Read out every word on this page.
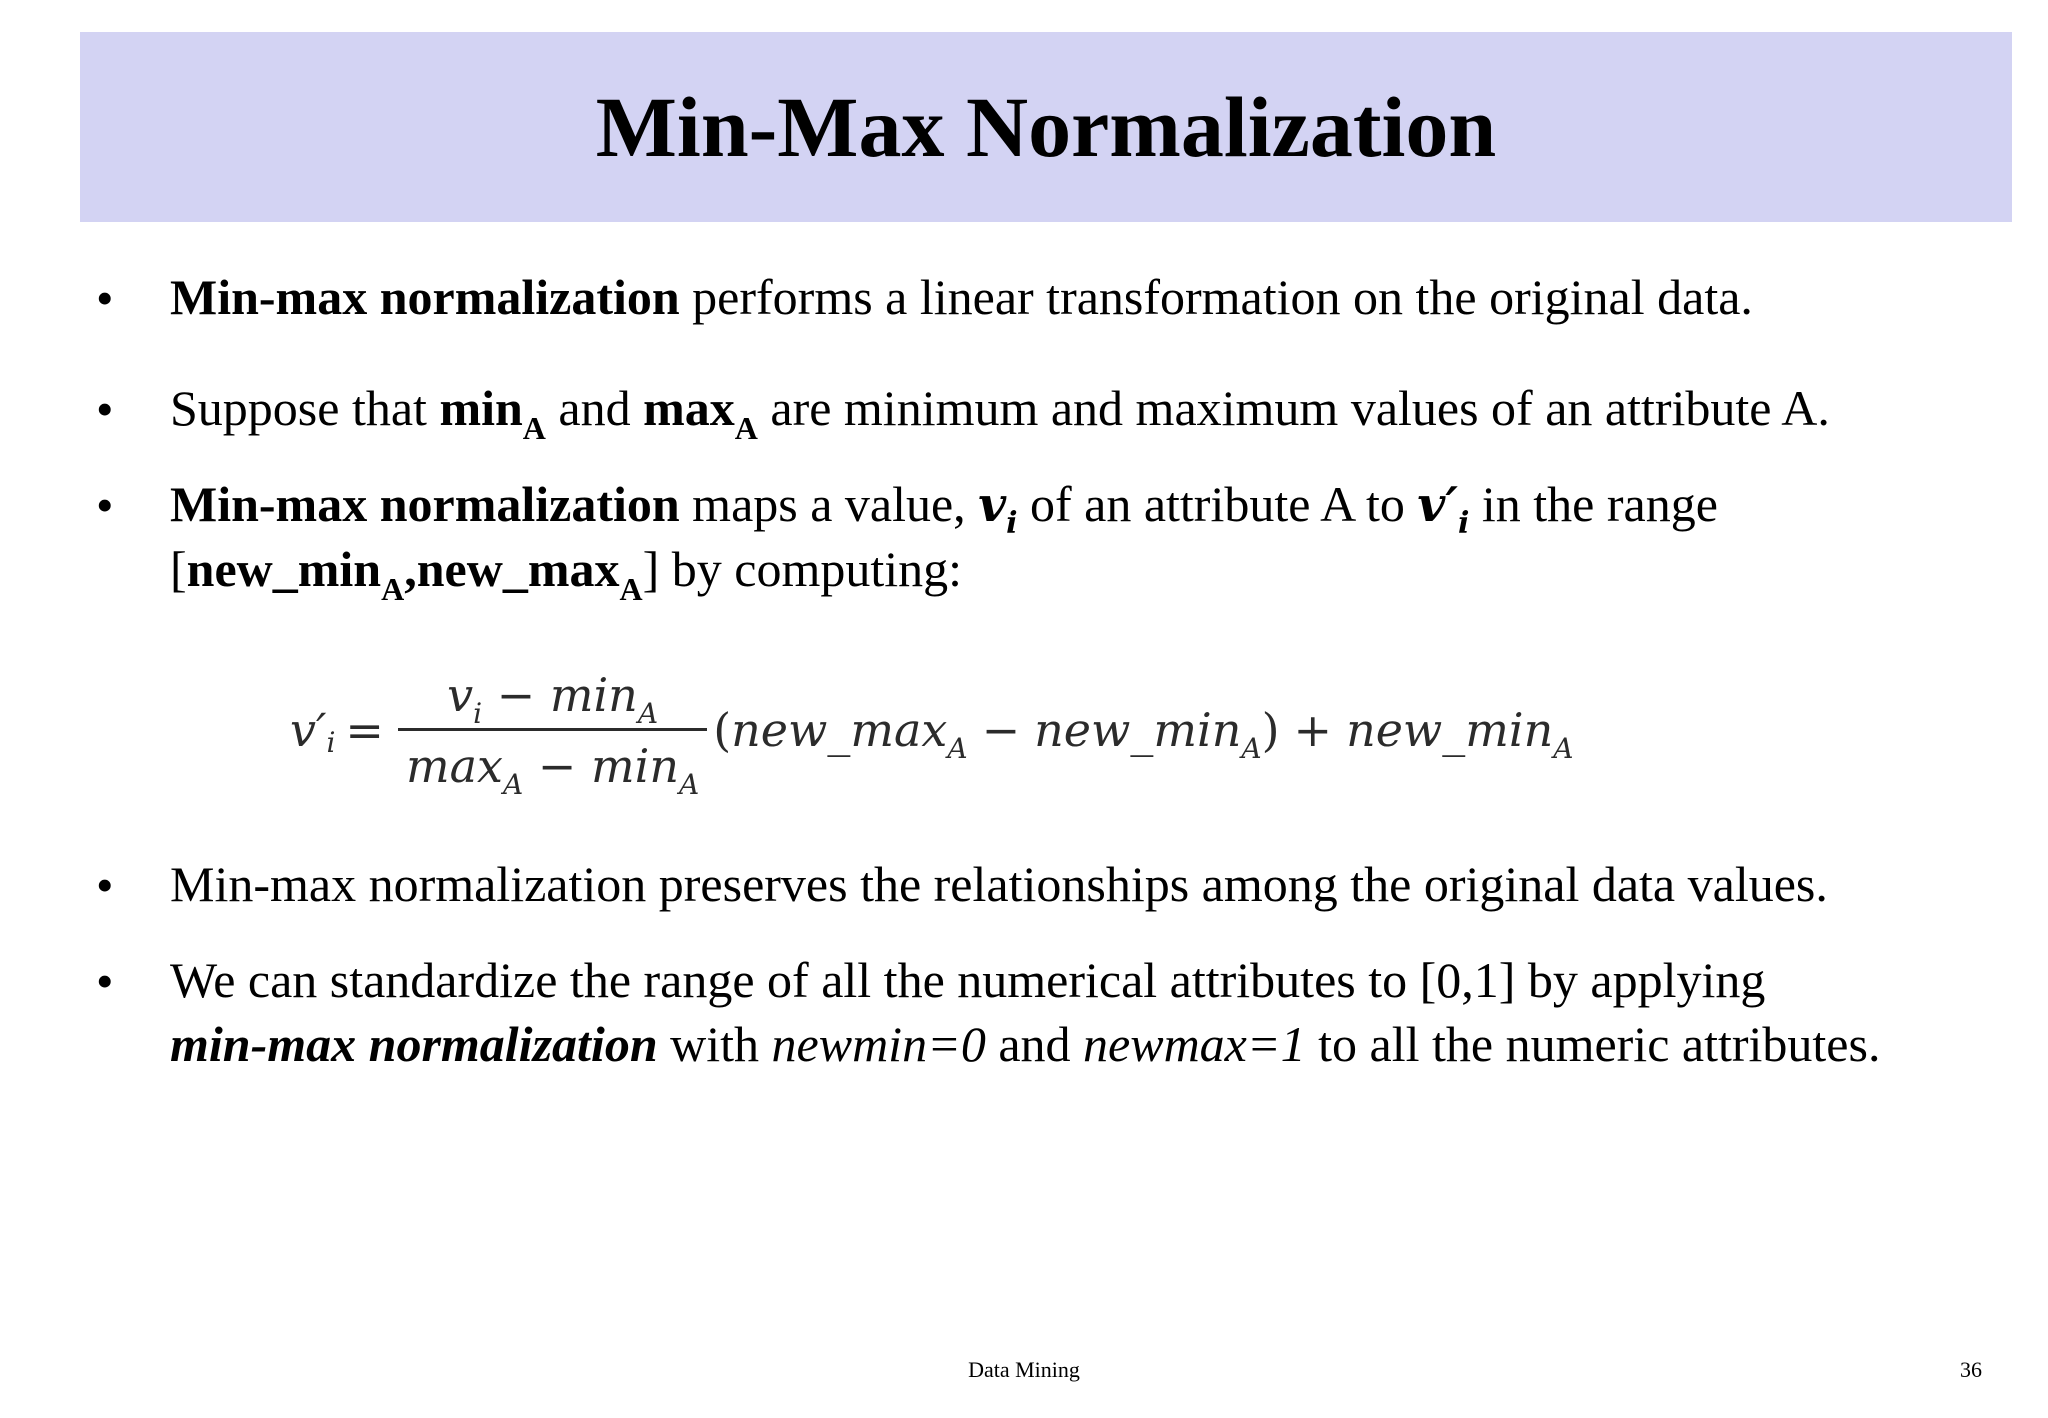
Min-Max Normalization
• Min-max normalization performs a linear transformation on the original data.
• Suppose that $\min_A$ and $\max_A$ are minimum and maximum values of an attribute A.
• Min-max normalization maps a value, $v_i$ of an attribute A to $v'_i$ in the range
$[new\_\min_A,new\_\max_A]$ by computing:
v′ $i = \frac{v_i - \min_A}{\max_A - \min_A}$ ($new\_\max_A$ − $new\_\min_A$) + $new\_\min_A$
• Min-max normalization preserves the relationships among the original data values.
• We can standardize the range of all the numerical attributes to [0,1] by applying
min-max normalization with newmin=0 and newmax=1 to all the numeric attributes.
Data Mining	36
